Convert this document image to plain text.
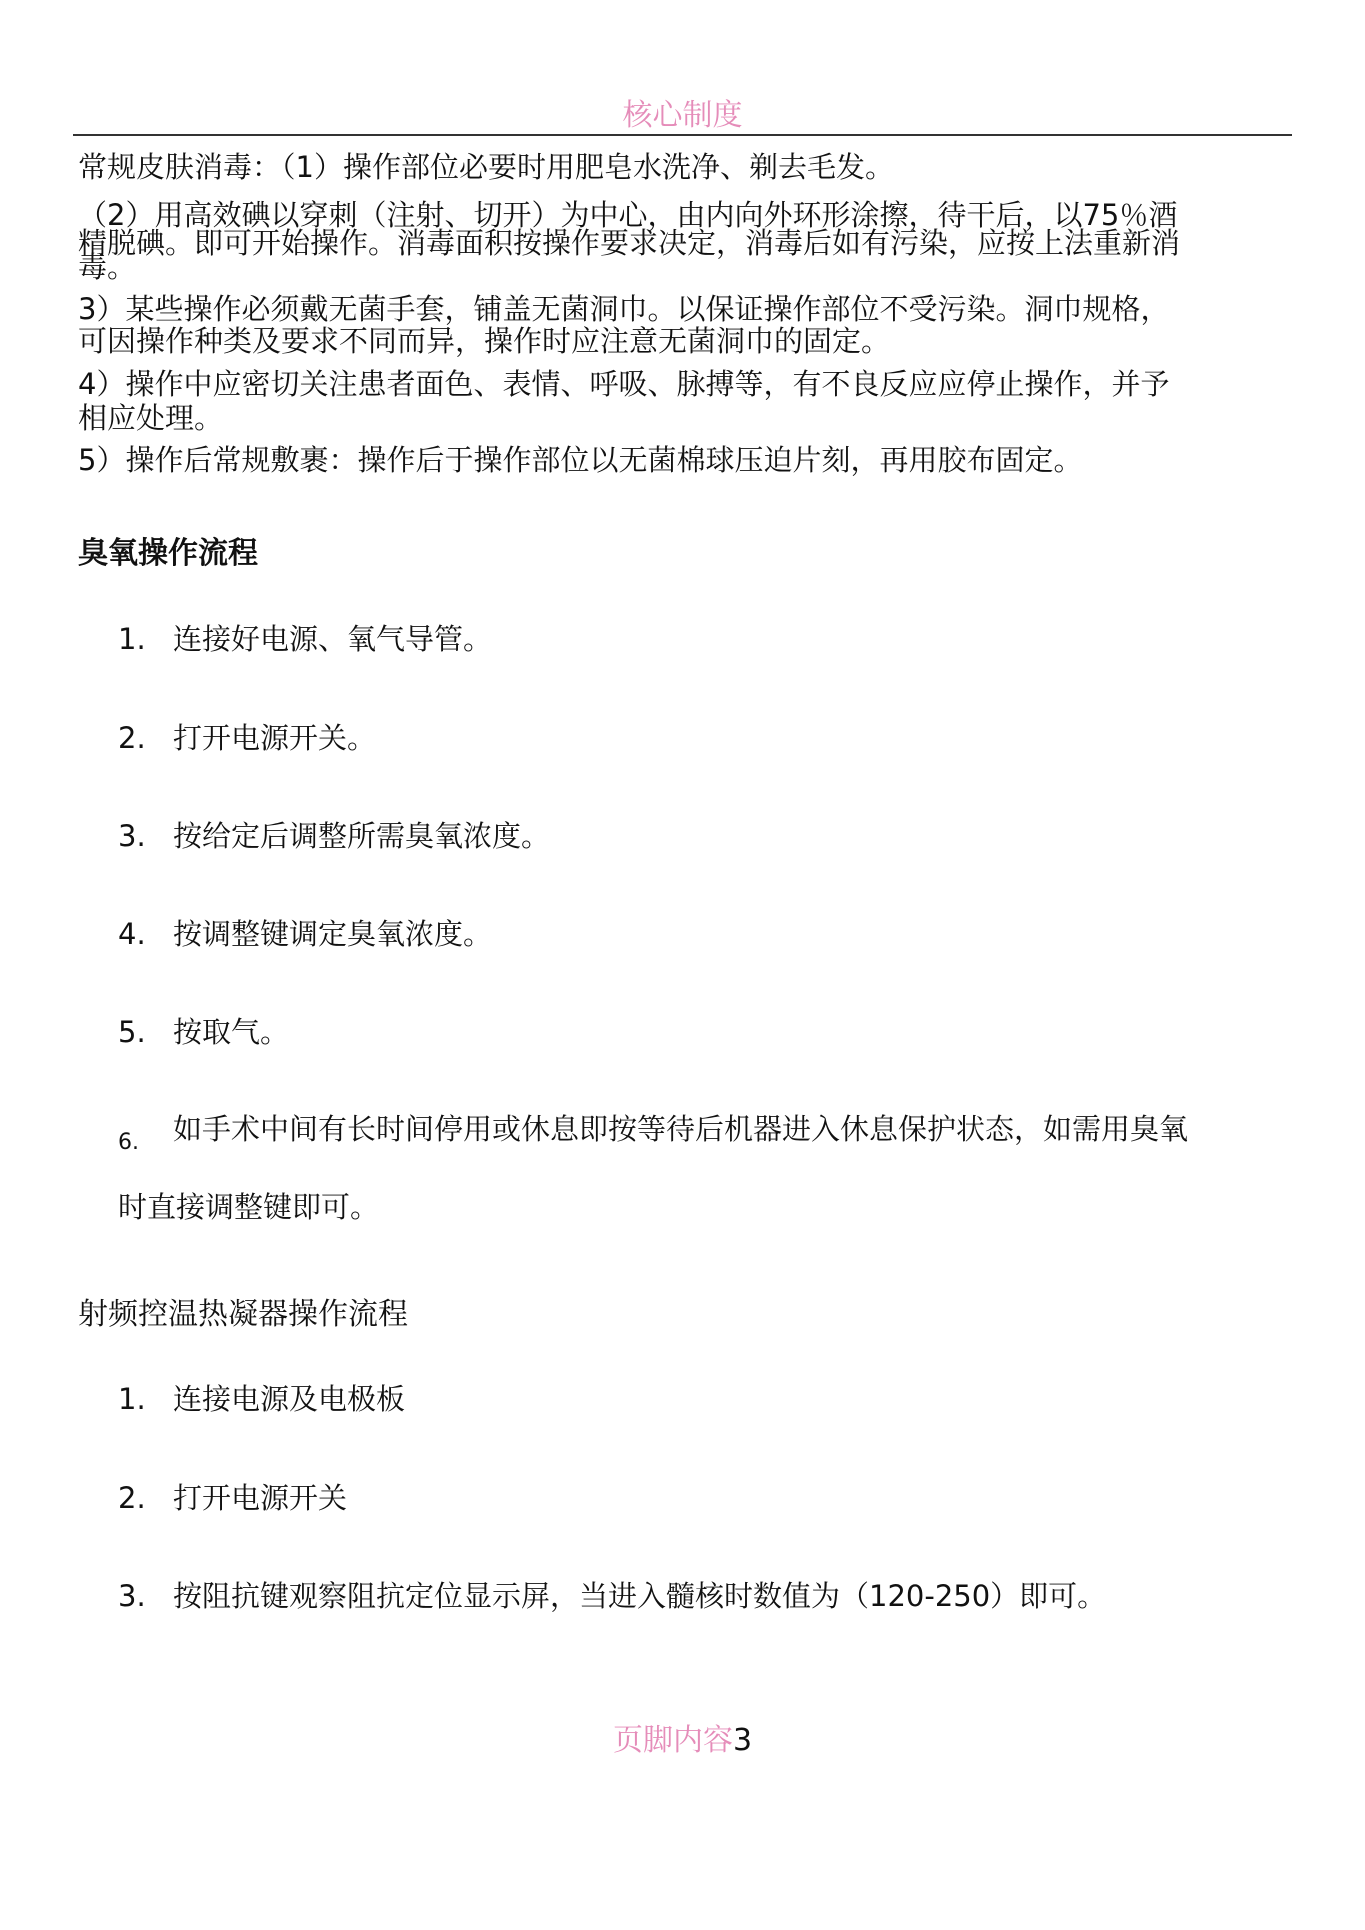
核心制度
常规皮肤消毒：（1）操作部位必要时用肥皂水洗净、剃去毛发。
（2）用高效碘以穿刺（注射、切开）为中心，由内向外环形涂擦，待干后，以75％酒
精脱碘。即可开始操作。消毒面积按操作要求决定，消毒后如有污染，应按上法重新消
毒。
3）某些操作必须戴无菌手套，铺盖无菌洞巾。以保证操作部位不受污染。洞巾规格，
可因操作种类及要求不同而异，操作时应注意无菌洞巾的固定。
4）操作中应密切关注患者面色、表情、呼吸、脉搏等，有不良反应应停止操作，并予
相应处理。
5）操作后常规敷裹：操作后于操作部位以无菌棉球压迫片刻，再用胶布固定。
臭氧操作流程
1. 连接好电源、氧气导管。
2. 打开电源开关。
3. 按给定后调整所需臭氧浓度。
4. 按调整键调定臭氧浓度。
5. 按取气。
6. 如手术中间有长时间停用或休息即按等待后机器进入休息保护状态，如需用臭氧
时直接调整键即可。
射频控温热凝器操作流程
1. 连接电源及电极板
2. 打开电源开关
3. 按阻抗键观察阻抗定位显示屏，当进入髓核时数值为（120-250）即可。
页脚内容3
